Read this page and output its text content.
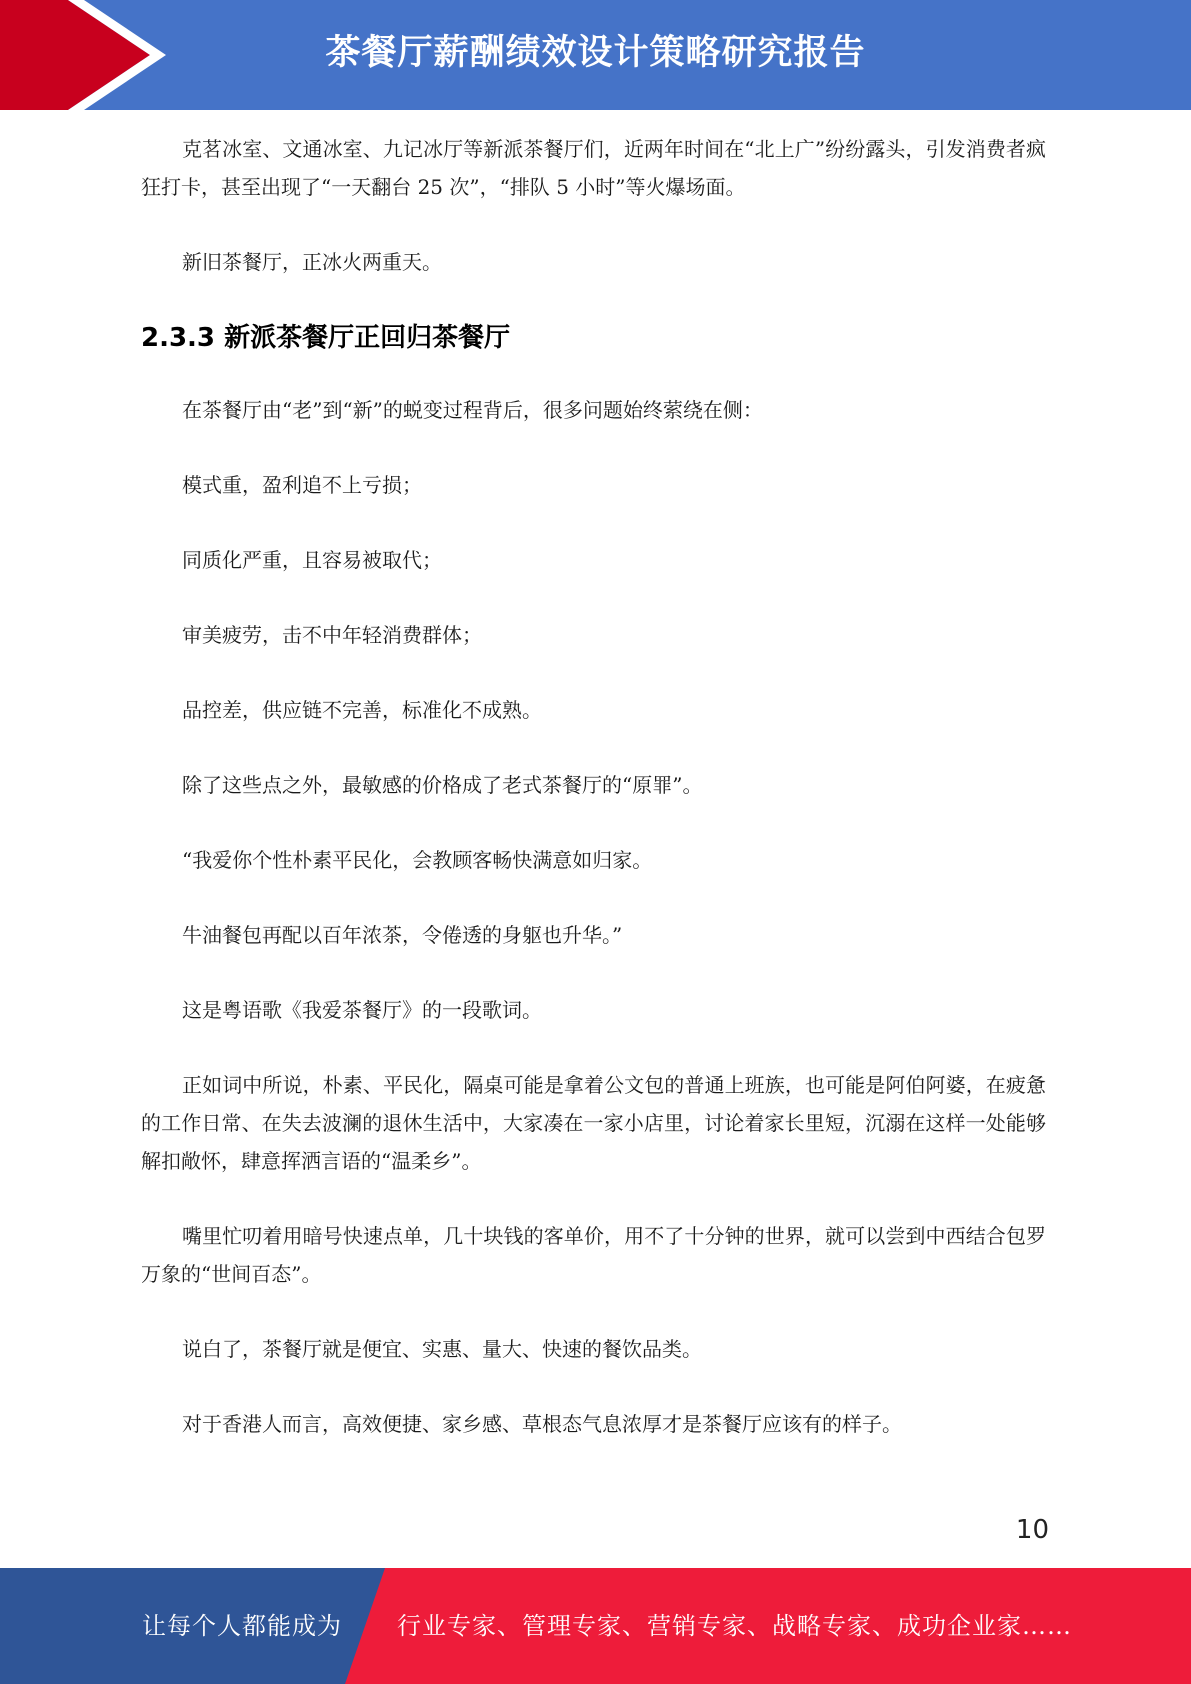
茶餐厅薪酬绩效设计策略研究报告

克茗冰室、文通冰室、九记冰厅等新派茶餐厅们，近两年时间在“北上广”纷纷露头，引发消费者疯狂打卡，甚至出现了“一天翻台 25 次”，“排队 5 小时”等火爆场面。

新旧茶餐厅，正冰火两重天。

2.3.3 新派茶餐厅正回归茶餐厅

在茶餐厅由“老”到“新”的蜕变过程背后，很多问题始终萦绕在侧：

模式重，盈利追不上亏损；

同质化严重，且容易被取代；

审美疲劳，击不中年轻消费群体；

品控差，供应链不完善，标准化不成熟。

除了这些点之外，最敏感的价格成了老式茶餐厅的“原罪”。

“我爱你个性朴素平民化，会教顾客畅快满意如归家。

牛油餐包再配以百年浓茶，令倦透的身躯也升华。”

这是粤语歌《我爱茶餐厅》的一段歌词。

正如词中所说，朴素、平民化，隔桌可能是拿着公文包的普通上班族，也可能是阿伯阿婆，在疲惫的工作日常、在失去波澜的退休生活中，大家凑在一家小店里，讨论着家长里短，沉溺在这样一处能够解扣敞怀，肆意挥洒言语的“温柔乡”。

嘴里忙叨着用暗号快速点单，几十块钱的客单价，用不了十分钟的世界，就可以尝到中西结合包罗万象的“世间百态”。

说白了，茶餐厅就是便宜、实惠、量大、快速的餐饮品类。

对于香港人而言，高效便捷、家乡感、草根态气息浓厚才是茶餐厅应该有的样子。

10
让每个人都能成为 行业专家、管理专家、营销专家、战略专家、成功企业家……
